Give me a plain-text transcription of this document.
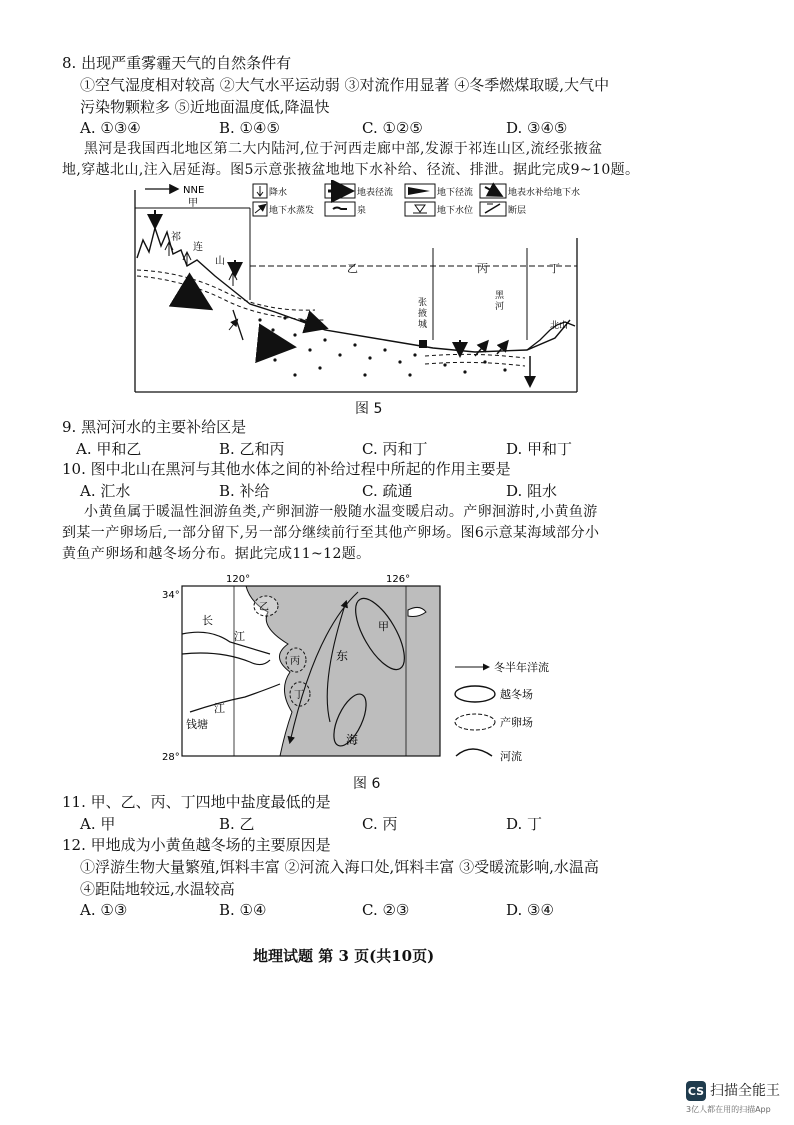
8. 出现严重雾霾天气的自然条件有
①空气湿度相对较高 ②大气水平运动弱 ③对流作用显著 ④冬季燃煤取暖,大气中
污染物颗粒多 ⑤近地面温度低,降温快
A. ①③④	B. ①④⑤	C. ①②⑤	D. ③④⑤
黑河是我国西北地区第二大内陆河,位于河西走廊中部,发源于祁连山区,流经张掖盆
地,穿越北山,注入居延海。图5示意张掖盆地地下水补给、径流、排泄。据此完成9~10题。
NNE
甲
乙	丙	丁
降水
地下水蒸发
地表径流
泉
地下径流
地下水位
地表水补给地下水
断层
祁
连
山
张
掖
城
黑
河
北山
图 5
9. 黑河河水的主要补给区是
A. 甲和乙	B. 乙和丙	C. 丙和丁	D. 甲和丁
10. 图中北山在黑河与其他水体之间的补给过程中所起的作用主要是
A. 汇水	B. 补给	C. 疏通	D. 阻水
小黄鱼属于暖温性洄游鱼类,产卵洄游一般随水温变暖启动。产卵洄游时,小黄鱼游
到某一产卵场后,一部分留下,另一部分继续前行至其他产卵场。图6示意某海域部分小
黄鱼产卵场和越冬场分布。据此完成11~12题。
120°	126°
34°
28°
长
江
钱塘
江
乙
丙
丁
甲
东
海
冬半年洋流
越冬场
产卵场
河流
图 6
11. 甲、乙、丙、丁四地中盐度最低的是
A. 甲	B. 乙	C. 丙	D. 丁
12. 甲地成为小黄鱼越冬场的主要原因是
①浮游生物大量繁殖,饵料丰富 ②河流入海口处,饵料丰富 ③受暖流影响,水温高
④距陆地较远,水温较高
A. ①③	B. ①④	C. ②③	D. ③④
地理试题 第 3 页(共10页)
CS 扫描全能王
3亿人都在用的扫描App
